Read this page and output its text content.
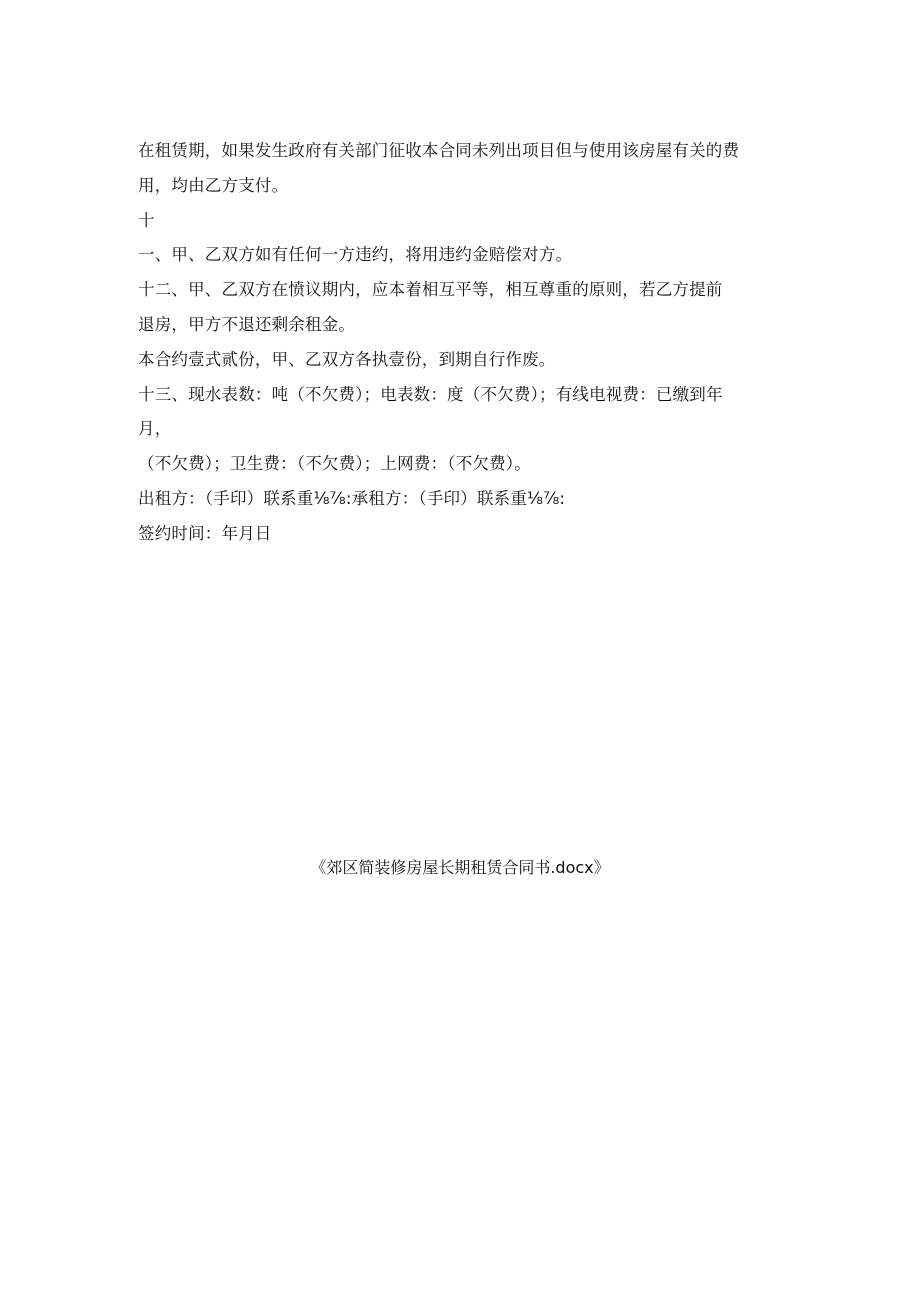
在租赁期，如果发生政府有关部门征收本合同未列出项目但与使用该房屋有关的费
用，均由乙方支付。
十
一、甲、乙双方如有任何一方违约，将用违约金赔偿对方。
十二、甲、乙双方在愤议期内，应本着相互平等，相互尊重的原则，若乙方提前
退房，甲方不退还剩余租金。
本合约壹式贰份，甲、乙双方各执壹份，到期自行作废。
十三、现水表数：吨（不欠费）；电表数：度（不欠费）；有线电视费：已缴到年
月，
（不欠费）；卫生费：（不欠费）；上网费：（不欠费）。
出租方：（手印）联系重⅛⅞:承租方：（手印）联系重⅛⅞:
签约时间：年月日
《郊区简装修房屋长期租赁合同书.docx》
